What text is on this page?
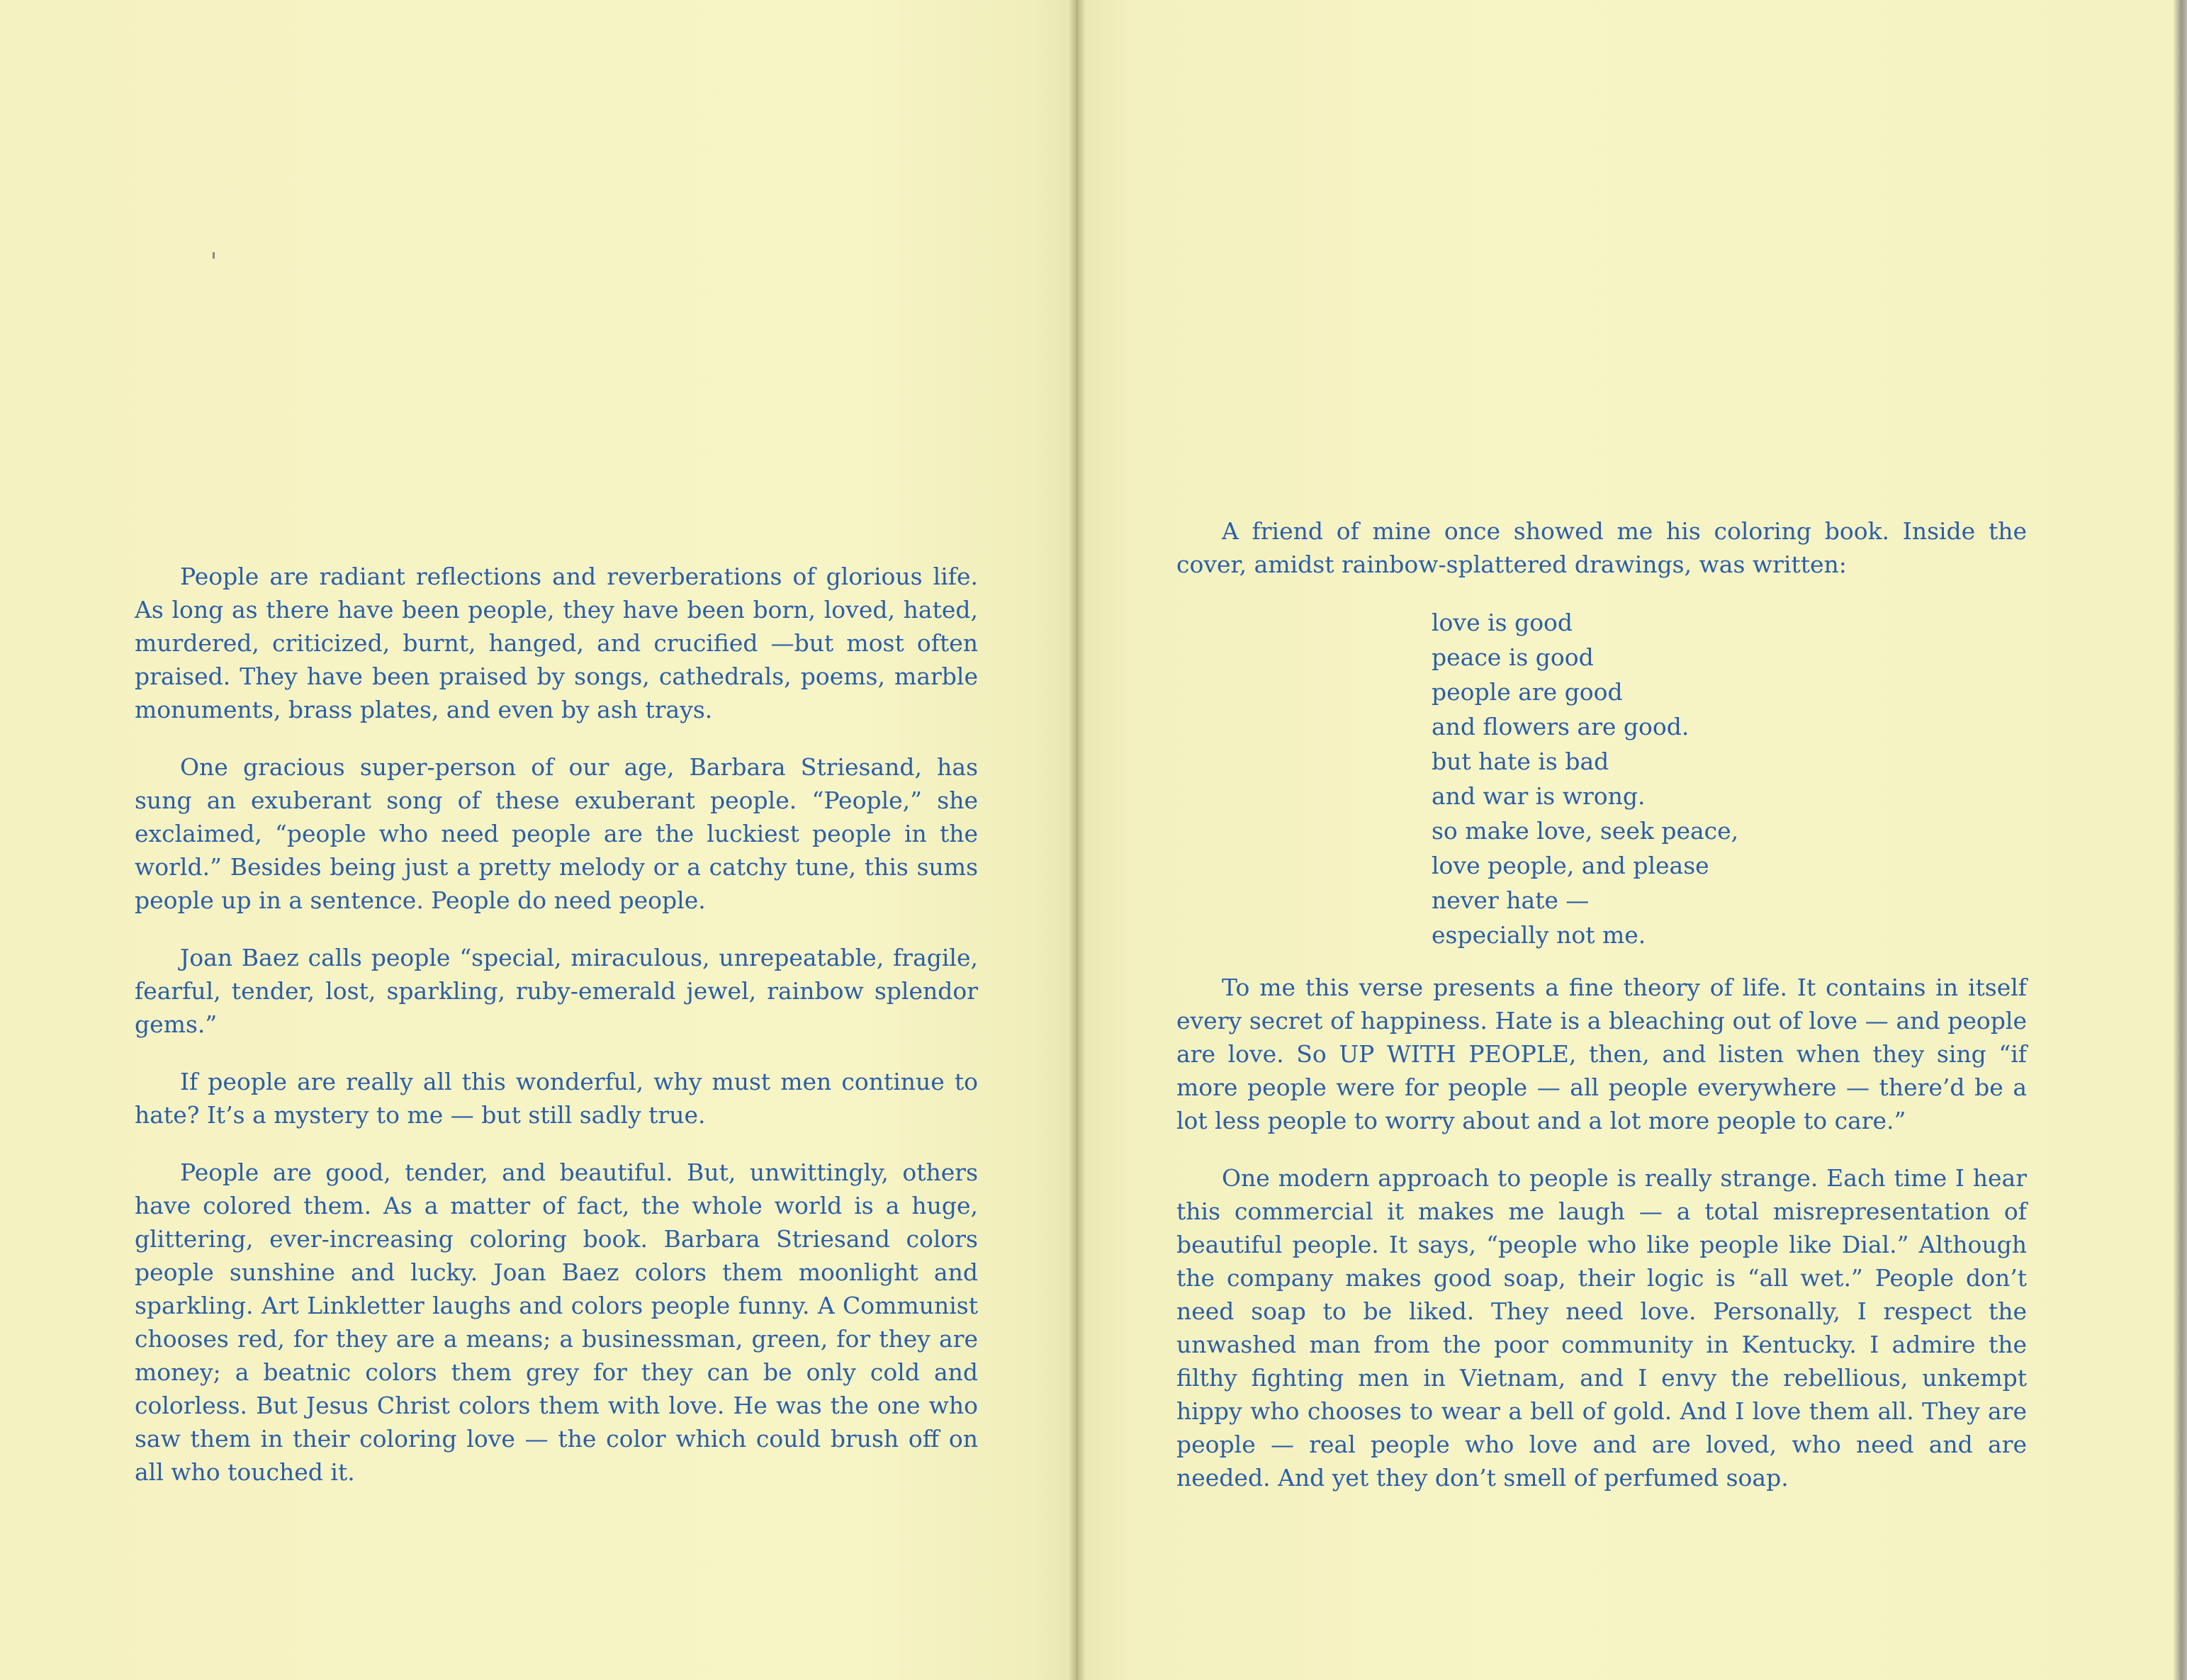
People are radiant reflections and reverberations of glorious life. As long as there have been people, they have been born, loved, hated, murdered, criticized, burnt, hanged, and crucified —but most often praised. They have been praised by songs, cathedrals, poems, marble monuments, brass plates, and even by ash trays.

One gracious super-person of our age, Barbara Striesand, has sung an exuberant song of these exuberant people. “People,” she exclaimed, “people who need people are the luckiest people in the world.” Besides being just a pretty melody or a catchy tune, this sums people up in a sentence. People do need people.

Joan Baez calls people “special, miraculous, unrepeatable, fragile, fearful, tender, lost, sparkling, ruby-emerald jewel, rainbow splendor gems.”

If people are really all this wonderful, why must men continue to hate? It’s a mystery to me — but still sadly true.

People are good, tender, and beautiful. But, unwittingly, others have colored them. As a matter of fact, the whole world is a huge, glittering, ever-increasing coloring book. Barbara Striesand colors people sunshine and lucky. Joan Baez colors them moonlight and sparkling. Art Linkletter laughs and colors people funny. A Communist chooses red, for they are a means; a businessman, green, for they are money; a beatnic colors them grey for they can be only cold and colorless. But Jesus Christ colors them with love. He was the one who saw them in their coloring love — the color which could brush off on all who touched it.

A friend of mine once showed me his coloring book. Inside the cover, amidst rainbow-splattered drawings, was written:

love is good
peace is good
people are good
and flowers are good.
but hate is bad
and war is wrong.
so make love, seek peace,
love people, and please
never hate —
especially not me.

To me this verse presents a fine theory of life. It contains in itself every secret of happiness. Hate is a bleaching out of love — and people are love. So UP WITH PEOPLE, then, and listen when they sing “if more people were for people — all people everywhere — there’d be a lot less people to worry about and a lot more people to care.”

One modern approach to people is really strange. Each time I hear this commercial it makes me laugh — a total misrepresentation of beautiful people. It says, “people who like people like Dial.” Although the company makes good soap, their logic is “all wet.” People don’t need soap to be liked. They need love. Personally, I respect the unwashed man from the poor community in Kentucky. I admire the filthy fighting men in Vietnam, and I envy the rebellious, unkempt hippy who chooses to wear a bell of gold. And I love them all. They are people — real people who love and are loved, who need and are needed. And yet they don’t smell of perfumed soap.
